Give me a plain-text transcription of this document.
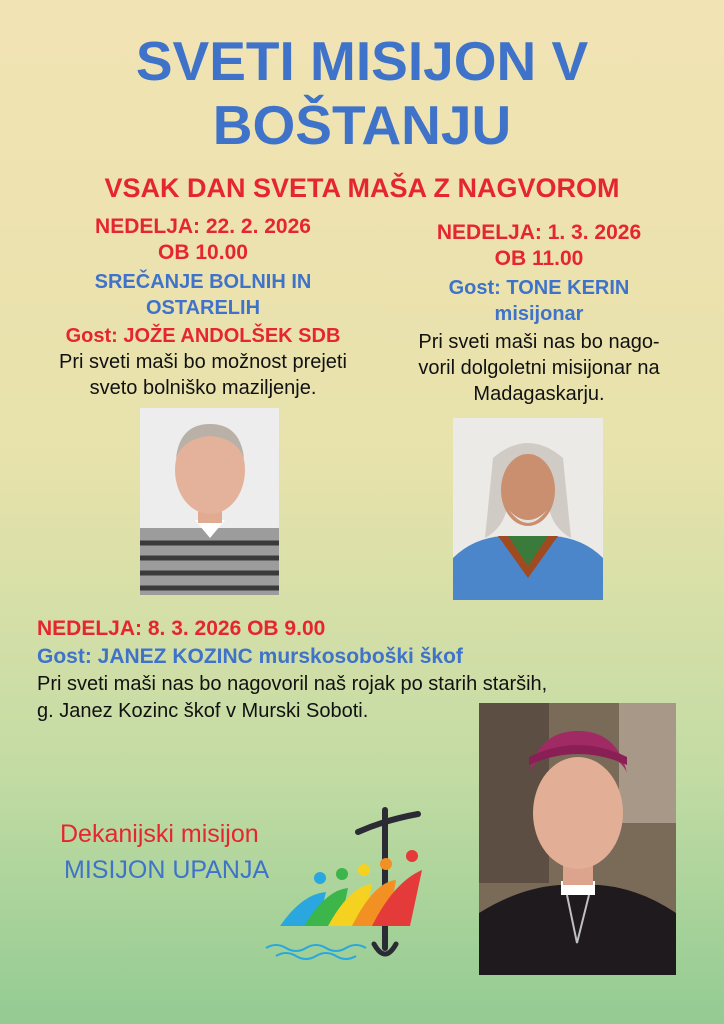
SVETI MISIJON V
BOŠTANJU
VSAK DAN SVETA MAŠA Z NAGVOROM
NEDELJA: 22. 2. 2026
OB 10.00
SREČANJE BOLNIH IN
OSTARELIH
Gost: JOŽE ANDOLŠEK SDB
Pri sveti maši bo možnost prejeti
sveto bolniško maziljenje.
NEDELJA: 1. 3. 2026
OB 11.00
Gost: TONE KERIN
misijonar
Pri sveti maši nas bo nago-
voril dolgoletni misijonar na
Madagaskarju.
NEDELJA: 8. 3. 2026 OB 9.00
Gost: JANEZ KOZINC murskosoboški škof
Pri sveti maši nas bo nagovoril naš rojak po starih starših,
g. Janez Kozinc škof v Murski Soboti.
Dekanijski misijon
MISIJON UPANJA
